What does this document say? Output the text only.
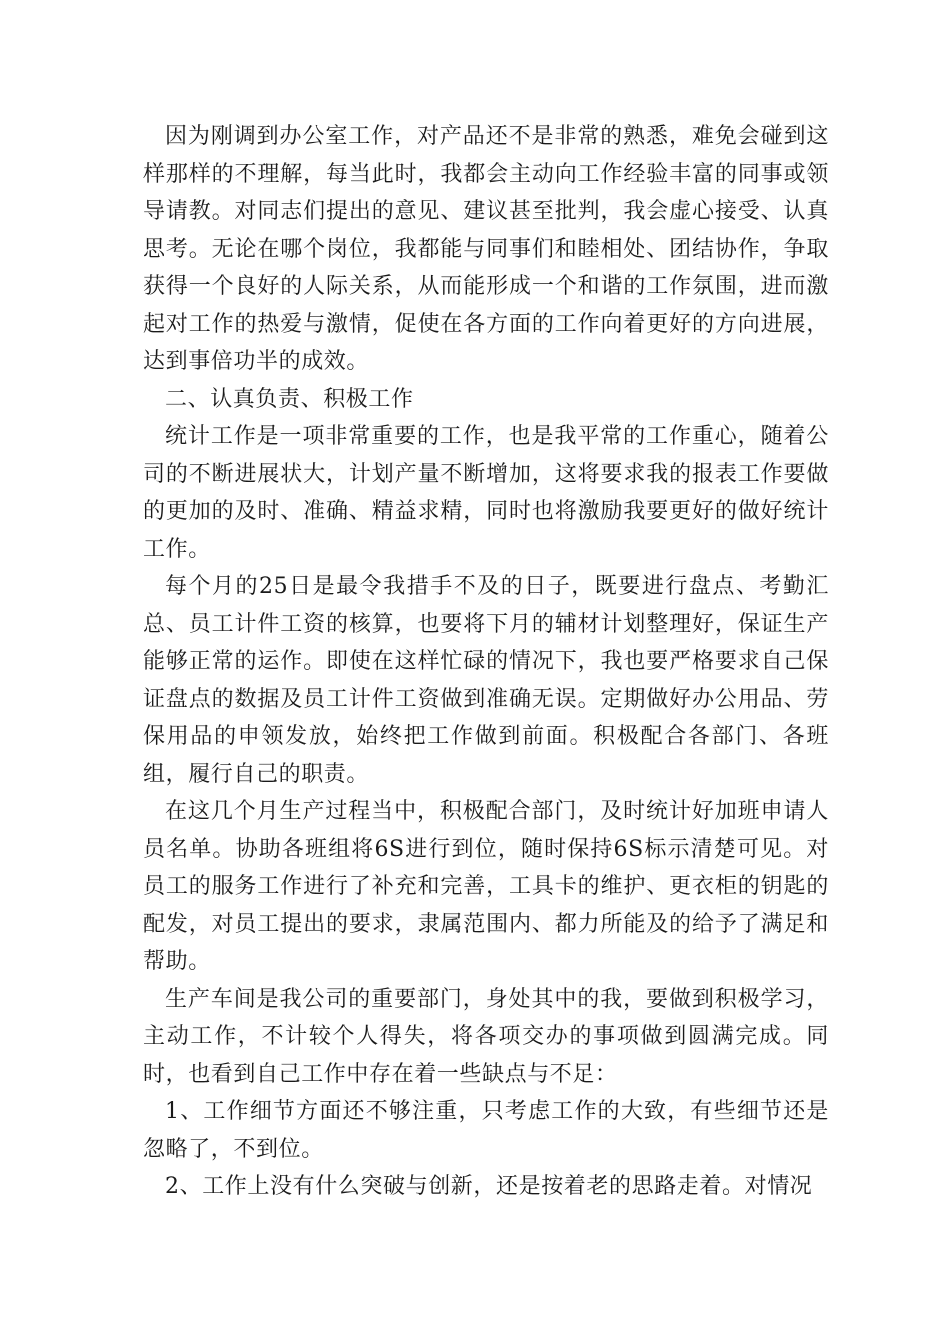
因为刚调到办公室工作，对产品还不是非常的熟悉，难免会碰到这样那样的不理解，每当此时，我都会主动向工作经验丰富的同事或领导请教。对同志们提出的意见、建议甚至批判，我会虚心接受、认真思考。无论在哪个岗位，我都能与同事们和睦相处、团结协作，争取获得一个良好的人际关系，从而能形成一个和谐的工作氛围，进而激起对工作的热爱与激情，促使在各方面的工作向着更好的方向进展，达到事倍功半的成效。

二、认真负责、积极工作

统计工作是一项非常重要的工作，也是我平常的工作重心，随着公司的不断进展状大，计划产量不断增加，这将要求我的报表工作要做的更加的及时、准确、精益求精，同时也将激励我要更好的做好统计工作。

每个月的25日是最令我措手不及的日子，既要进行盘点、考勤汇总、员工计件工资的核算，也要将下月的辅材计划整理好，保证生产能够正常的运作。即使在这样忙碌的情况下，我也要严格要求自己保证盘点的数据及员工计件工资做到准确无误。定期做好办公用品、劳保用品的申领发放，始终把工作做到前面。积极配合各部门、各班组，履行自己的职责。

在这几个月生产过程当中，积极配合部门，及时统计好加班申请人员名单。协助各班组将6S进行到位，随时保持6S标示清楚可见。对员工的服务工作进行了补充和完善，工具卡的维护、更衣柜的钥匙的配发，对员工提出的要求，隶属范围内、都力所能及的给予了满足和帮助。

生产车间是我公司的重要部门，身处其中的我，要做到积极学习，主动工作，不计较个人得失，将各项交办的事项做到圆满完成。同时，也看到自己工作中存在着一些缺点与不足：

1、工作细节方面还不够注重，只考虑工作的大致，有些细节还是忽略了，不到位。

2、工作上没有什么突破与创新，还是按着老的思路走着。对情况
